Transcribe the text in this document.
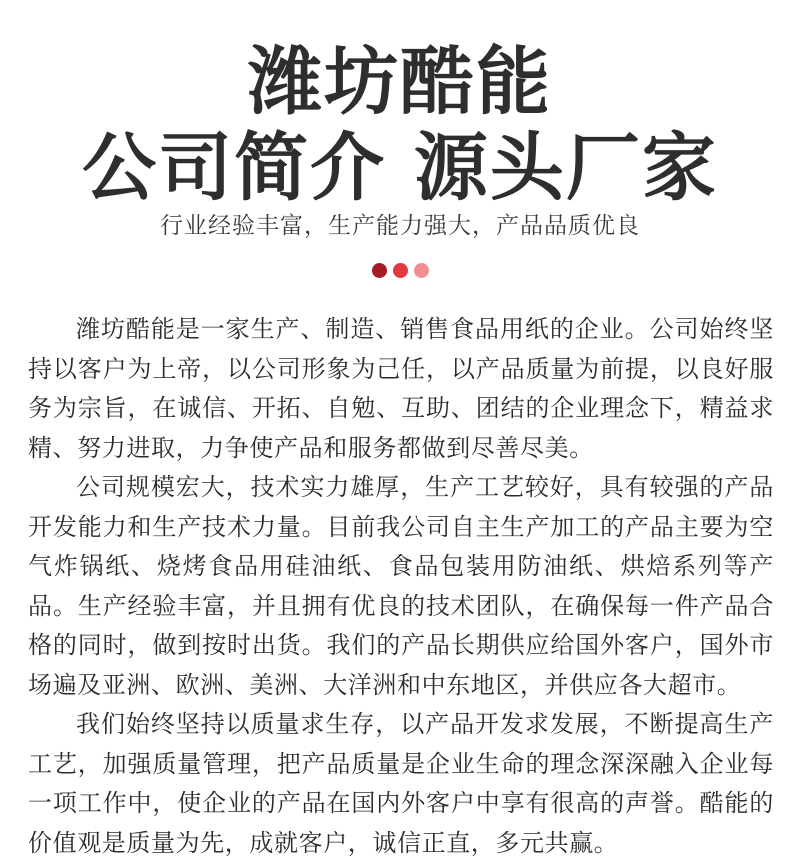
潍坊酷能
公司简介 源头厂家
行业经验丰富，生产能力强大，产品品质优良

潍坊酷能是一家生产、制造、销售食品用纸的企业。公司始终坚持以客户为上帝，以公司形象为己任，以产品质量为前提，以良好服务为宗旨，在诚信、开拓、自勉、互助、团结的企业理念下，精益求精、努力进取，力争使产品和服务都做到尽善尽美。

公司规模宏大，技术实力雄厚，生产工艺较好，具有较强的产品开发能力和生产技术力量。目前我公司自主生产加工的产品主要为空气炸锅纸、烧烤食品用硅油纸、食品包装用防油纸、烘焙系列等产品。生产经验丰富，并且拥有优良的技术团队，在确保每一件产品合格的同时，做到按时出货。我们的产品长期供应给国外客户，国外市场遍及亚洲、欧洲、美洲、大洋洲和中东地区，并供应各大超市。

我们始终坚持以质量求生存，以产品开发求发展，不断提高生产工艺，加强质量管理，把产品质量是企业生命的理念深深融入企业每一项工作中，使企业的产品在国内外客户中享有很高的声誉。酷能的价值观是质量为先，成就客户，诚信正直，多元共赢。
